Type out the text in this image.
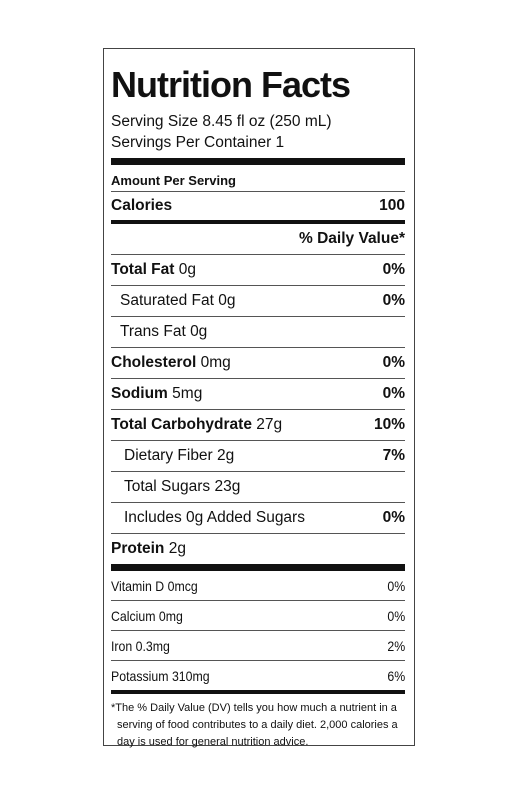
Nutrition Facts
Serving Size 8.45 fl oz (250 mL)
Servings Per Container 1
Amount Per Serving
Calories	100
% Daily Value*
Total Fat 0g	0%
Saturated Fat 0g	0%
Trans Fat 0g
Cholesterol 0mg	0%
Sodium 5mg	0%
Total Carbohydrate 27g	10%
Dietary Fiber 2g	7%
Total Sugars 23g
Includes 0g Added Sugars	0%
Protein 2g
Vitamin D 0mcg	0%
Calcium 0mg	0%
Iron 0.3mg	2%
Potassium 310mg	6%
*The % Daily Value (DV) tells you how much a nutrient in a
serving of food contributes to a daily diet. 2,000 calories a
day is used for general nutrition advice.
